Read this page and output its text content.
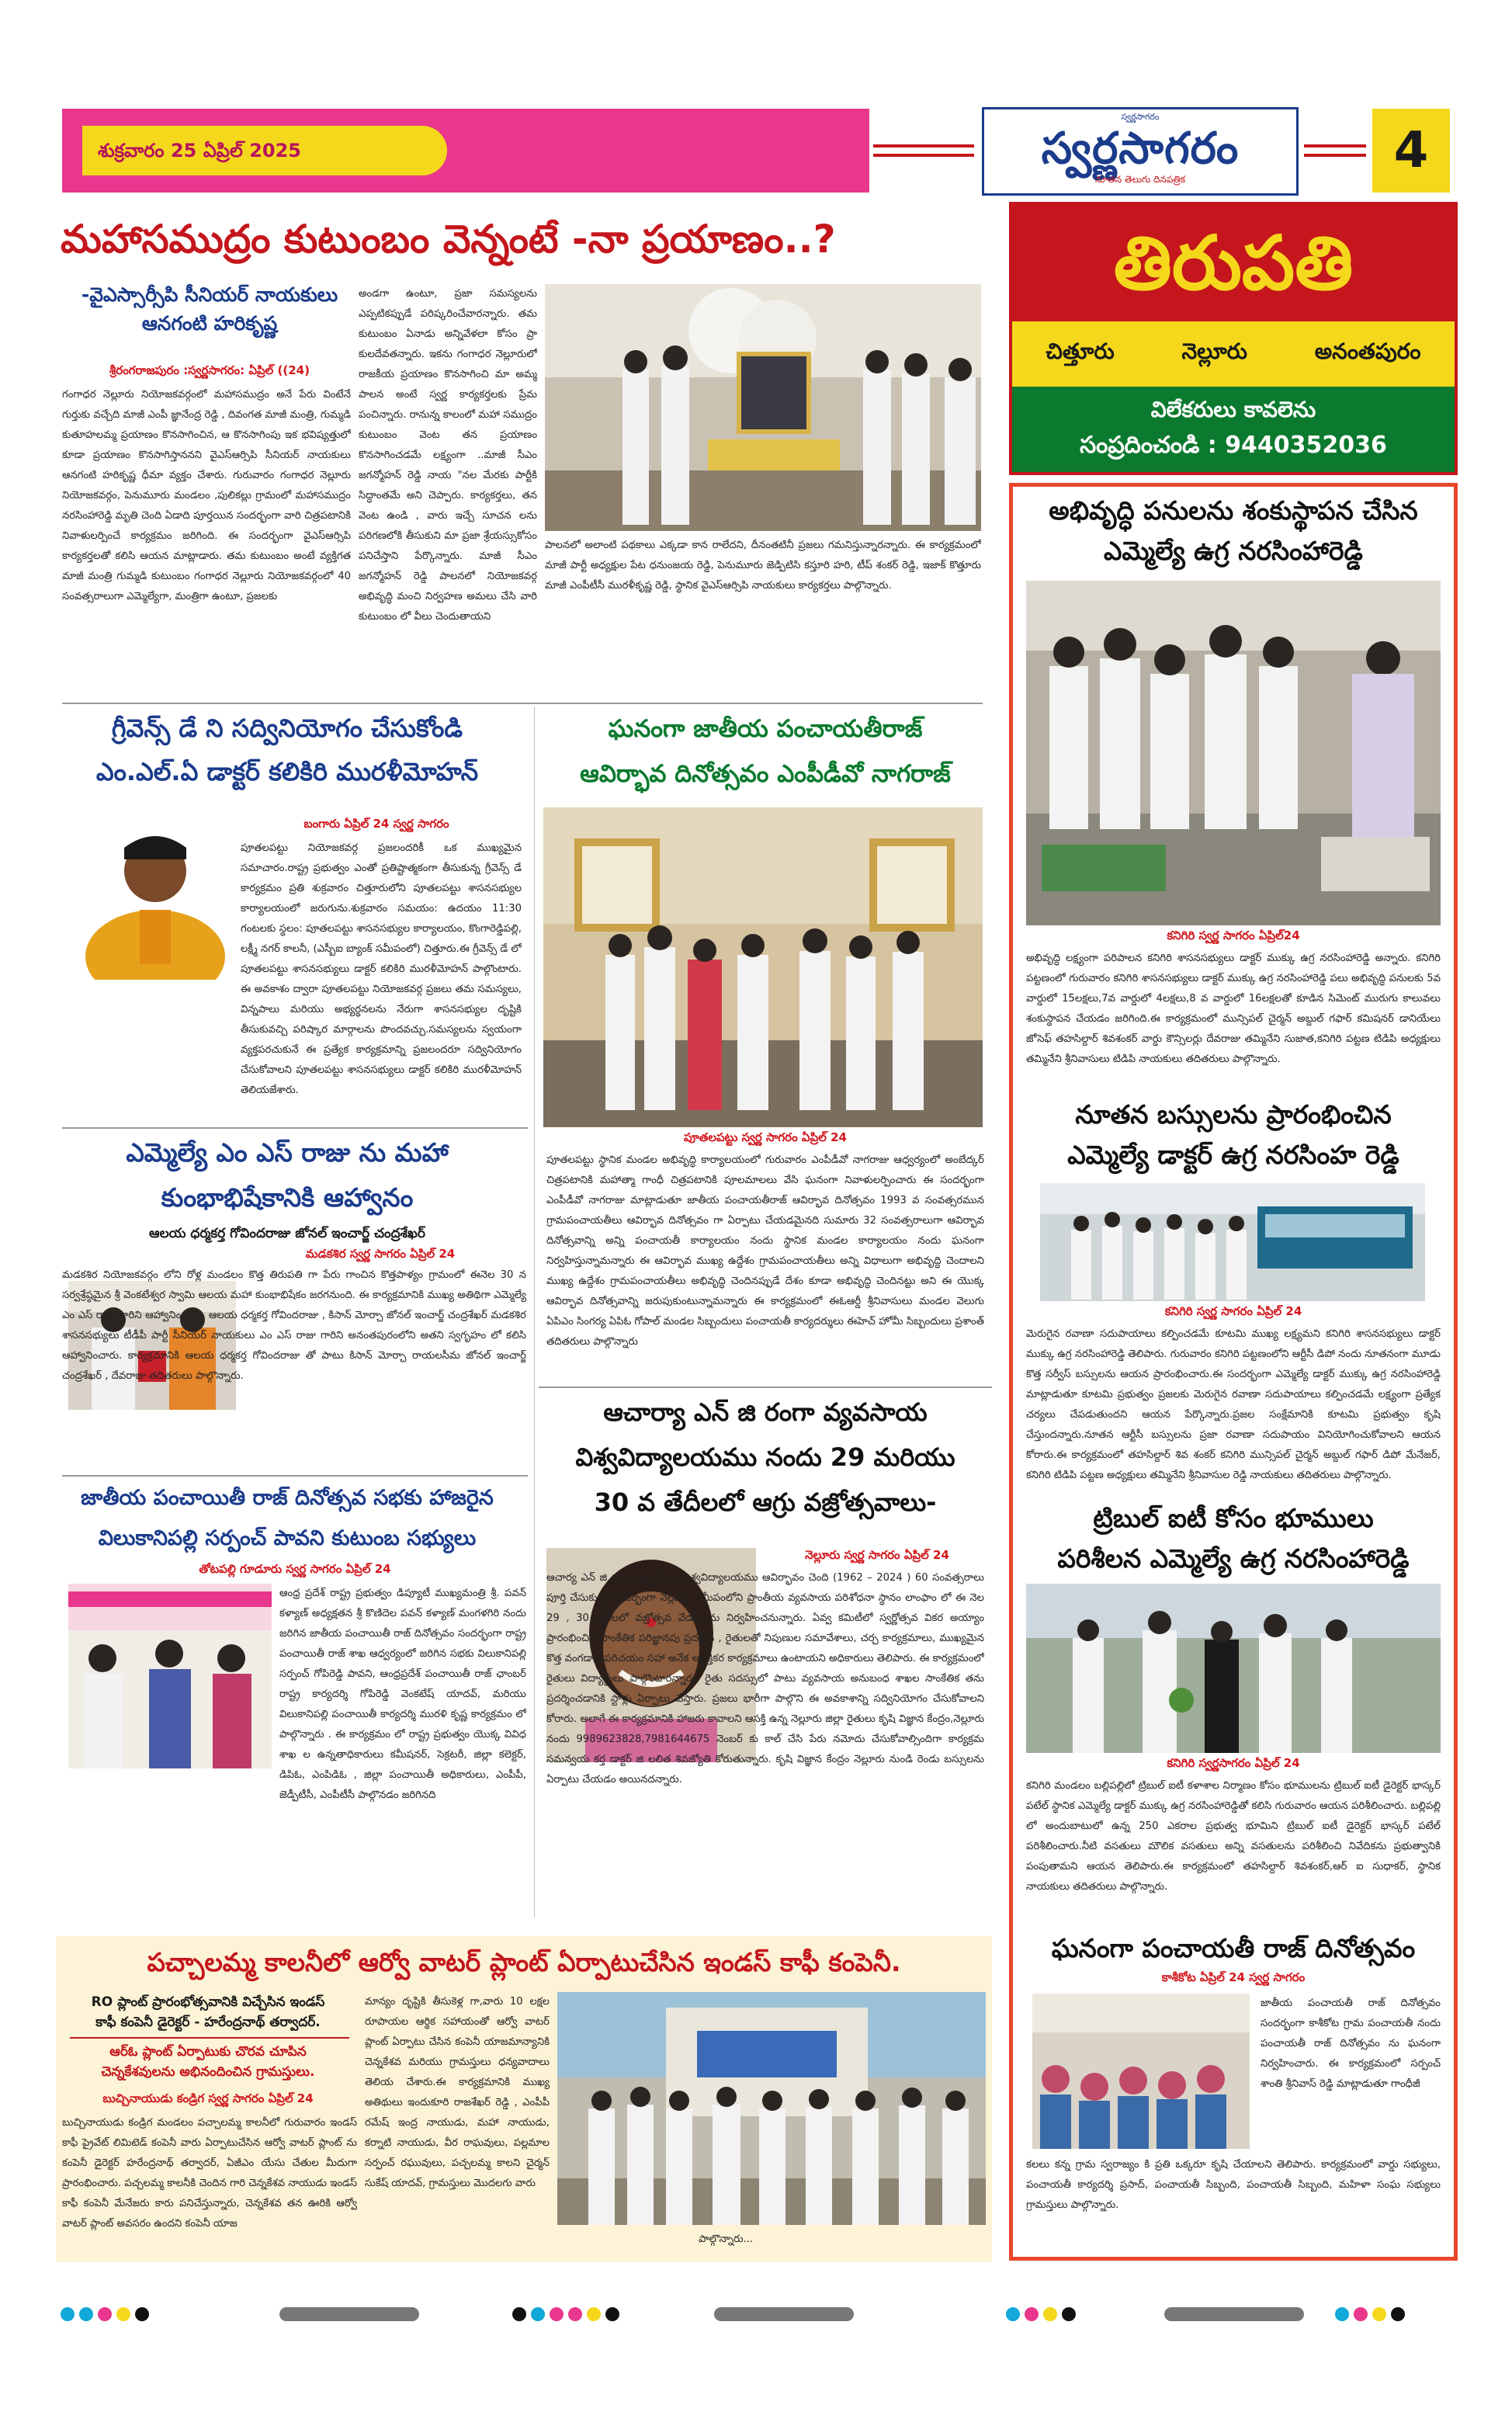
శుక్రవారం 25 ఏప్రిల్ 2025
స్వర్ణసాగరం
స్వర్ణసాగరం
నూతన తెలుగు దినపత్రిక	4
మహాసముద్రం కుటుంబం వెన్నంటే -నా ప్రయాణం..?
-వైఎస్సార్సీపి సీనియర్ నాయకులు
ఆనగంటి హరికృష్ణ
శ్రీరంగరాజపురం :స్వర్ణసాగరం: ఏప్రిల్ ((24)
గంగాధర నెల్లూరు నియోజకవర్గంలో మహాసముద్రం అనే పేరు వింటేనే గుర్తుకు వచ్చేది మాజీ ఎంపీ జ్ఞానేంద్ర రెడ్డి , దివంగత మాజీ మంత్రి, గుమ్మడి కుతూహలమ్మ ప్రయాణం కొనసాగించిన, ఆ కొనసాగింపు ఇక భవిష్యత్తులో కూడా ప్రయాణం కొనసాగిస్తాననని వైఎస్ఆర్సిపి సీనియర్ నాయకులు ఆనగంటి హరికృష్ణ ధీమా వ్యక్తం చేశారు. గురువారం గంగాధర నెల్లూరు నియోజకవర్గం, పెనుమూరు మండలం ,పులికల్లు గ్రామంలో మహాసముద్రం నరసింహారెడ్డి మృతి చెంది ఏడాది పూర్తయిన సందర్భంగా వారి చిత్రపటానికి నివాళులర్పించే కార్యక్రమం జరిగింది. ఈ సందర్భంగా వైఎస్ఆర్సిపి కార్యకర్తలతో కలిసి ఆయన మాట్లాడారు. తమ కుటుంబం అంటే వ్యక్తిగత మాజీ మంత్రి గుమ్మడి కుటుంబం గంగాధర నెల్లూరు నియోజకవర్గంలో 40 సంవత్సరాలుగా ఎమ్మెల్యేగా, మంత్రిగా ఉంటూ, ప్రజలకు
అండగా ఉంటూ, ప్రజా సమస్యలను ఎప్పటికప్పుడే పరిష్కరించేవారన్నారు. తమ కుటుంబం ఏనాడు అన్నివేళలా కోసం ప్రా కులదేవతన్నారు. ఇకను గంగాధర నెల్లూరులో రాజకీయ ప్రయాణం కొనసాగించి మా అమ్మ పాలన అంటే స్వర్ణ కార్యకర్తలకు ప్రేమ పంచిన్నారు. రానున్న కాలంలో మహా సముద్రం కుటుంబం వెంట తన ప్రయాణం కొనసాగించడమే లక్ష్యంగా ..మాజీ సీఎం జగన్మోహన్ రెడ్డి నాయ "నల మేరకు పార్టీకి సిద్ధాంతమే అని చెప్పారు. కార్యకర్తలు, తన వెంట ఉండి , వారు ఇచ్చే సూచన లను పరిగణలోకి తీసుకుని మా ప్రజా శ్రేయస్సుకోసం పనిచేస్తాని పేర్కొన్నారు. మాజీ సీఎం జగన్మోహన్ రెడ్డి పాలనలో నియోజకవర్గ అభివృద్ధి మంచి నిర్వహణ అమలు చేసి వారి కుటుంబం లో వీలు చెందుతాయని
పాలనలో అలాంటి పథకాలు ఎక్కడా కాన రాలేదని, దీనంతటినీ ప్రజలు గమనిస్తున్నారన్నారు. ఈ కార్యక్రమంలో మాజీ పార్టీ అధ్యక్షుల పేట ధనుంజయ రెడ్డి, పెనుమూరు జెడ్పిటిసి కస్తూరి హరి, టీప్ శంకర్ రెడ్డి, ఇజాక్ కొత్తూరు మాజీ ఎంపీటీసీ మురళీకృష్ణ రెడ్డి, స్థానిక వైఎస్ఆర్సిపి నాయకులు కార్యకర్తలు పాల్గొన్నారు.
తిరుపతి
చిత్తూరు	నెల్లూరు	అనంతపురం
విలేకరులు కావలెను
సంప్రదించండి : 9440352036
అభివృద్ధి పనులను శంకుస్థాపన చేసిన
ఎమ్మెల్యే ఉగ్ర నరసింహారెడ్డి
కనిగిరి స్వర్ణ సాగరం ఏప్రిల్24
అభివృద్ధి లక్ష్యంగా పరిపాలన కనిగిరి శాసనసభ్యులు డాక్టర్ ముక్కు ఉగ్ర నరసింహారెడ్డి అన్నారు. కనిగిరి పట్టణంలో గురువారం కనిగిరి శాసనసభ్యులు డాక్టర్ ముక్కు ఉగ్ర నరసింహారెడ్డి పలు అభివృద్ధి పనులకు 5వ వార్డులో 15లక్షలు,7వ వార్డులో 4లక్షలు,8 వ వార్డులో 16లక్షలతో కూడిన సిమెంట్ మురుగు కాలువలు శంకుస్థాపన చేయడం జరిగింది.ఈ కార్యక్రమంలో మున్సిపల్ చైర్మన్ అబ్దుల్ గఫార్ కమిషనర్ డానియేలు జోసెఫ్ తహసిల్దార్ శివశంకర్ వార్డు కౌన్సిలర్లు దేవరాజు తమ్మినేని సుజాత,కనిగిరి పట్టణ టిడిపి అధ్యక్షులు తమ్మినేని శ్రీనివాసులు టిడిపి నాయకులు తదితరులు పాల్గొన్నారు.
నూతన బస్సులను ప్రారంభించిన
ఎమ్మెల్యే డాక్టర్ ఉగ్ర నరసింహ రెడ్డి
కనిగిరి స్వర్ణ సాగరం ఏప్రిల్ 24
మెరుగైన రవాణా సదుపాయాలు కల్పించడమే కూటమి ముఖ్య లక్ష్యమని కనిగిరి శాసనసభ్యులు డాక్టర్ ముక్కు ఉగ్ర నరసింహారెడ్డి తెలిపారు. గురువారం కనిగిరి పట్టణంలోని ఆర్టీసీ డిపో నందు నూతనంగా మూడు కొత్త సర్వీస్ బస్సులను ఆయన ప్రారంభించారు.ఈ సందర్భంగా ఎమ్మెల్యే డాక్టర్ ముక్కు ఉగ్ర నరసింహారెడ్డి మాట్లాడుతూ కూటమి ప్రభుత్వం ప్రజలకు మెరుగైన రవాణా సదుపాయాలు కల్పించడమే లక్ష్యంగా ప్రత్యేక చర్యలు చేపడుతుందని ఆయన పేర్కొన్నారు.ప్రజల సంక్షేమానికి కూటమి ప్రభుత్వం కృషి చేస్తుందన్నారు.నూతన ఆర్టీసీ బస్సులను ప్రజా రవాణా సదుపాయం వినియోగించుకోవాలని ఆయన కోరారు.ఈ కార్యక్రమంలో తహసిల్దార్ శివ శంకర్ కనిగిరి మున్సిపల్ చైర్మన్ అబ్దుల్ గఫార్ డిపో మేనేజర్, కనిగిరి టిడిపి పట్టణ అధ్యక్షులు తమ్మినేని శ్రీనివాసుల రెడ్డి నాయకులు తదితరులు పాల్గొన్నారు.
ట్రిబుల్ ఐటీ కోసం భూములు
పరిశీలన ఎమ్మెల్యే ఉగ్ర నరసింహారెడ్డి
కనిగిరి స్వర్ణసాగరం ఏప్రిల్ 24
కనిగిరి మండలం బల్లిపల్లిలో ట్రిబుల్ ఐటీ కళాశాల నిర్మాణం కోసం భూములను ట్రిబుల్ ఐటీ డైరెక్టర్ భాస్కర్ పటేల్ స్థానిక ఎమ్మెల్యే డాక్టర్ ముక్కు ఉగ్ర నరసింహారెడ్డితో కలిసి గురువారం ఆయన పరిశీలించారు. బల్లిపల్లి లో అందుబాటులో ఉన్న 250 ఎకరాల ప్రభుత్వ భూమిని ట్రిబుల్ ఐటీ డైరెక్టర్ భాస్కర్ పటేల్ పరిశీలించారు.నీటి వసతులు మౌలిక వసతులు అన్ని వసతులను పరిశీలించి నివేదికను ప్రభుత్వానికి పంపుతామని ఆయన తెలిపారు.ఈ కార్యక్రమంలో తహసిల్దార్ శివశంకర్,ఆర్ ఐ సుధాకర్, స్థానిక నాయకులు తదితరులు పాల్గొన్నారు.
ఘనంగా పంచాయతీ రాజ్ దినోత్సవం
కాశీకోట ఏప్రిల్ 24 స్వర్ణ సాగరం
జాతీయ పంచాయతీ రాజ్ దినోత్సవం సందర్భంగా కాశీకోట గ్రామ పంచాయతీ నందు పంచాయతీ రాజ్ దినోత్సవం ను ఘనంగా నిర్వహించారు. ఈ కార్యక్రమంలో సర్పంచ్ శాంతి శ్రీనివాస్ రెడ్డి మాట్లాడుతూ గాంధీజీ
కలలు కన్న గ్రామ స్వరాజ్యం కి ప్రతి ఒక్కరూ కృషి చేయాలని తెలిపారు. కార్యక్రమంలో వార్డు సభ్యులు, పంచాయతీ కార్యదర్శి ప్రసాద్, పంచాయతీ సిబ్బంది, పంచాయతీ సిబ్బంది, మహిళా సంఘ సభ్యులు గ్రామస్తులు పాల్గొన్నారు.
గ్రీవెన్స్ డే ని సద్వినియోగం చేసుకోండి
ఎం.ఎల్.ఏ డాక్టర్ కలికిరి మురళీమోహన్
బంగారు ఏప్రిల్ 24 స్వర్ణ సాగరం
పూతలపట్టు నియోజకవర్గ ప్రజలందరికీ ఒక ముఖ్యమైన సమాచారం.రాష్ట్ర ప్రభుత్వం ఎంతో ప్రతిష్టాత్మకంగా తీసుకున్న గ్రీవెన్స్ డే కార్యక్రమం ప్రతి శుక్రవారం చిత్తూరులోని పూతలపట్టు శాసనసభ్యుల కార్యాలయంలో జరుగును.శుక్రవారం సమయం: ఉదయం 11:30 గంటలకు స్థలం: పూతలపట్టు శాసనసభ్యుల కార్యాలయం, కొంగారెడ్డిపల్లి, లక్ష్మీ నగర్ కాలనీ, (ఎస్బీఐ బ్యాంక్ సమీపంలో) చిత్తూరు.ఈ గ్రీవెన్స్ డే లో పూతలపట్టు శాసనసభ్యులు డాక్టర్ కలికిరి మురళీమోహన్ పాల్గొంటారు. ఈ అవకాశం ద్వారా పూతలపట్టు నియోజకవర్గ ప్రజలు తమ సమస్యలు, విన్నపాలు మరియు అభ్యర్థనలను నేరుగా శాసనసభ్యుల దృష్టికి తీసుకువచ్చి పరిష్కార మార్గాలను పొందవచ్చు.సమస్యలను స్వయంగా వ్యక్తపరచుకునే ఈ ప్రత్యేక కార్యక్రమాన్ని ప్రజలందరూ సద్వినియోగం చేసుకోవాలని పూతలపట్టు శాసనసభ్యులు డాక్టర్ కలికిరి మురళీమోహన్ తెలియజేశారు.
ఎమ్మెల్యే ఎం ఎస్ రాజు ను మహా
కుంభాభిషేకానికి ఆహ్వానం
ఆలయ ధర్మకర్త గోవిందరాజు జోనల్ ఇంచార్జ్ చంద్రశేఖర్
మడకశిర స్వర్ణ సాగరం ఏప్రిల్ 24
మడకశిర నియోజకవర్గం లోని రోళ్ల మండలం కొత్త తిరుపతి గా పేరు గాంచిన కొత్తపాళ్యం గ్రామంలో ఈనెల 30 న సర్వశ్రేష్ఠమైన శ్రీ వెంకటేశ్వర స్వామి ఆలయ మహా కుంభాభిషేకం జరగనుంది. ఈ కార్యక్రమానికి ముఖ్య అతిథిగా ఎమ్మెల్యే ఎం ఎస్ రాజు గారిని ఆహ్వానించారు. ఆలయ ధర్మకర్త గోవిందరాజు , కిసాన్ మోర్చా జోనల్ ఇంచార్జ్ చంద్రశేఖర్ మడకశిర శాసనసభ్యులు టీడీపీ పార్టీ సీనియర్ నాయకులు ఎం ఎస్ రాజు గారిని అనంతపురంలోని అతని స్వగృహం లో కలిసి ఆహ్వానించారు. కార్యక్రమానికి ఆలయ ధర్మకర్త గోవిందరాజు తో పాటు కిసాన్ మోర్చా రాయలసీమ జోనల్ ఇంచార్జ్ చంద్రశేఖర్ , దేవరాజు తదితరులు పాల్గొన్నారు.
జాతీయ పంచాయితీ రాజ్ దినోత్సవ సభకు హాజరైన
విలుకానిపల్లి సర్పంచ్ పావని కుటుంబ సభ్యులు
తోటపల్లి గూడూరు స్వర్ణ సాగరం ఏప్రిల్ 24
ఆంధ్ర ప్రదేశ్ రాష్ట్ర ప్రభుత్వం డిప్యూటీ ముఖ్యమంత్రి శ్రీ. పవన్ కళ్యాణ్ అధ్యక్షతన శ్రీ కొణిదెల పవన్ కళ్యాణ్ మంగళగిరి నందు జరిగిన జాతీయ పంచాయితీ రాజ్ దినోత్సవం సందర్భంగా రాష్ట్ర పంచాయితీ రాజ్ శాఖ ఆధ్వర్యంలో జరిగిన సభకు విలుకానిపల్లి సర్పంచ్ గోపిరెడ్డి పావని, ఆంధ్రప్రదేశ్ పంచాయితీ రాజ్ ఛాంబర్ రాష్ట్ర కార్యదర్శి గోపిరెడ్డి వెంకటేష్ యాదవ్, మరియు విలుకానిపల్లి పంచాయితీ కార్యదర్శి మురళి కృష్ణ కార్యక్రమం లో పాల్గొన్నారు . ఈ కార్యక్రమం లో రాష్ట్ర ప్రభుత్వం యొక్క వివిధ శాఖ ల ఉన్నతాధికారులు కమీషనర్, సెక్రటరీ, జిల్లా కలెక్టర్, డిపిఓ, ఎంపిడిఓ , జిల్లా పంచాయితీ అధికారులు, ఎంపీపీ, జెడ్పీటీసీ, ఎంపీటీసీ పాల్గొనడం జరిగినది
ఘనంగా జాతీయ పంచాయతీరాజ్
ఆవిర్భావ దినోత్సవం ఎంపీడీవో నాగరాజ్
పూతలపట్టు స్వర్ణ సాగరం ఏప్రిల్ 24
పూతలపట్టు స్థానిక మండల అభివృద్ధి కార్యాలయంలో గురువారం ఎంపీడీవో నాగరాజు ఆధ్వర్యంలో అంబేద్కర్ చిత్రపటానికి మహాత్మా గాంధీ చిత్రపటానికి పూలమాలలు వేసి ఘనంగా నివాళులర్పించారు ఈ సందర్భంగా ఎంపీడీవో నాగరాజు మాట్లాడుతూ జాతీయ పంచాయతీరాజ్ ఆవిర్భావ దినోత్సవం 1993 వ సంవత్సరమున గ్రామపంచాయతీలు ఆవిర్భావ దినోత్సవం గా ఏర్పాటు చేయడమైనది సుమారు 32 సంవత్సరాలుగా ఆవిర్భావ దినోత్సవాన్ని అన్ని పంచాయతీ కార్యాలయం నందు స్థానిక మండల కార్యాలయం నందు ఘనంగా నిర్వహిస్తున్నామన్నారు ఈ ఆవిర్భావ ముఖ్య ఉద్దేశం గ్రామపంచాయతీలు అన్ని విధాలుగా అభివృద్ధి చెందాలని ముఖ్య ఉద్దేశం గ్రామపంచాయతీలు అభివృద్ధి చెందినప్పుడే దేశం కూడా అభివృద్ధి చెందినట్టు అని ఈ యొక్క ఆవిర్భావ దినోత్సవాన్ని జరుపుకుంటున్నామన్నారు ఈ కార్యక్రమంలో ఈఓఆర్డీ శ్రీనివాసులు మండల వెలుగు ఏపిఎం సింగర్య ఏపిఓ గోపాల్ మండల సిబ్బందులు పంచాయతీ కార్యదర్శులు ఈహెచ్ హోమీ సిబ్బందులు ప్రశాంత్ తదితరులు పాల్గొన్నారు
ఆచార్యా ఎన్ జి రంగా వ్యవసాయ
విశ్వవిద్యాలయము నందు 29 మరియు
30 వ తేదీలలో ఆగ్రు వజ్రోత్సవాలు-
నెల్లూరు స్వర్ణ సాగరం ఏప్రిల్ 24
ఆచార్య ఎన్ జి రంగా వ్యవసాయ విశ్వవిద్యాలయము ఆవిర్భావం చెంది (1962 – 2024 ) 60 సంవత్సరాలు పూర్తి చేసుకున్న సందర్భంగా నెల్లూరు సమీపంలోని ప్రాంతీయ వ్యవసాయ పరిశోధనా స్థానం లాంఫాం లో ఈ నెల 29 , 30 తేదీలలో వజ్రోత్సవ వేడుకలను నిర్వహించనున్నారు. ఏవ్వ కమిటీలో స్వర్ణోత్సవ వికర అయ్యాం ప్రారంభించిన సాంకేతిక పరిజ్ఞానపు ప్రదర్శన , రైతులతో నిపుణుల సమావేశాలు, చర్చ కార్యక్రమాలు, ముఖ్యమైన కొత్త వంగడాల పరిచయం సహా అనేక ఆసక్తికర కార్యక్రమాలు ఉంటాయని అధికారులు తెలిపారు. ఈ కార్యక్రమంలో రైతులు విద్యార్థులు పాల్గొంటారన్నారు. రైతు సదస్సులో పాటు వ్యవసాయ అనుబంధ శాఖల సాంకేతిక తను ప్రదర్శించడానికి స్టాళ్లు ఏర్పాటు చేస్తారు. ప్రజలు భారీగా పాల్గొని ఈ అవకాశాన్ని సద్వినియోగం చేసుకోవాలని కోరారు. అలాగే ఈ కార్యక్రమానికి హాజరు కావాలని ఆసక్తి ఉన్న నెల్లూరు జిల్లా రైతులు కృషి విజ్ఞాన కేంద్రం,నెల్లూరు నందు 9989623828,7981644675 నెంబర్ కు కాల్ చేసి పేరు నమోదు చేసుకోవాల్సిందిగా కార్యక్రమ సమన్వయ కర్త డాక్టర్ జి లలిత శివజ్యోతి కోరుతున్నారు. కృషి విజ్ఞాన కేంద్రం నెల్లూరు నుండి రెండు బస్సులను ఏర్పాటు చేయడం అయినదన్నారు.
పచ్చాలమ్మ కాలనీలో ఆర్వో వాటర్ ప్లాంట్ ఏర్పాటుచేసిన ఇండస్ కాఫీ కంపెనీ.
RO ప్లాంట్ ప్రారంభోత్సవానికి విచ్చేసిన ఇండస్
కాఫీ కంపెనీ డైరెక్టర్ - హరేంద్రనాథ్ తర్వాదర్.
ఆర్ఓ ప్లాంట్ ఏర్పాటుకు చొరవ చూపిన
చెన్నకేశవులను అభినందించిన గ్రామస్తులు.
బుచ్చినాయుడు కండ్రిగ స్వర్ణ సాగరం ఏప్రిల్ 24
బుచ్చినాయుడు కండ్రిగ మండలం పచ్చాలమ్మ కాలనీలో గురువారం ఇండస్ కాఫీ ప్రైవేట్ లిమిటెడ్ కంపెనీ వారు ఏర్పాటుచేసిన ఆర్వో వాటర్ ప్లాంట్ ను కంపెనీ డైరెక్టర్ హరేంద్రనాథ్ తర్వాదర్, ఏజీఎం యేసు చేతుల మీదుగా ప్రారంభించారు. పచ్చలమ్మ కాలనీకి చెందిన గారి చెన్నకేశవ నాయుడు ఇండస్ కాఫీ కంపెనీ మేనేజరు కారు పనిచేస్తున్నారు, చెన్నకేశవ తన ఊరికి ఆర్వో వాటర్ ప్లాంట్ అవసరం ఉందని కంపెనీ యాజ
మాన్యం దృష్టికి తీసుకెళ్ల గా,వారు 10 లక్షల రూపాయల ఆర్థిక సహాయంతో ఆర్వో వాటర్ ప్లాంట్ ఏర్పాటు చేసిన కంపెనీ యాజమాన్యానికి చెన్నకేశవ మరియు గ్రామస్తులు ధన్యవాదాలు తెలియ చేశారు.ఈ కార్యక్రమానికి ముఖ్య అతిథులు ఇందుకూరి రాజశేఖర్ రెడ్డి , ఎంపీపీ రమేష్ ఇంద్ర నాయుడు, మహా నాయుడు, కర్నాటి నాయుడు, వీర రాఘవులు, పల్లమాల సర్పంచ్ రఘువులు, పచ్చలమ్మ కాలని చైర్మన్ సుకేష్ యాదవ్, గ్రామస్తులు మొదలగు వారు
పాల్గొన్నారు...
